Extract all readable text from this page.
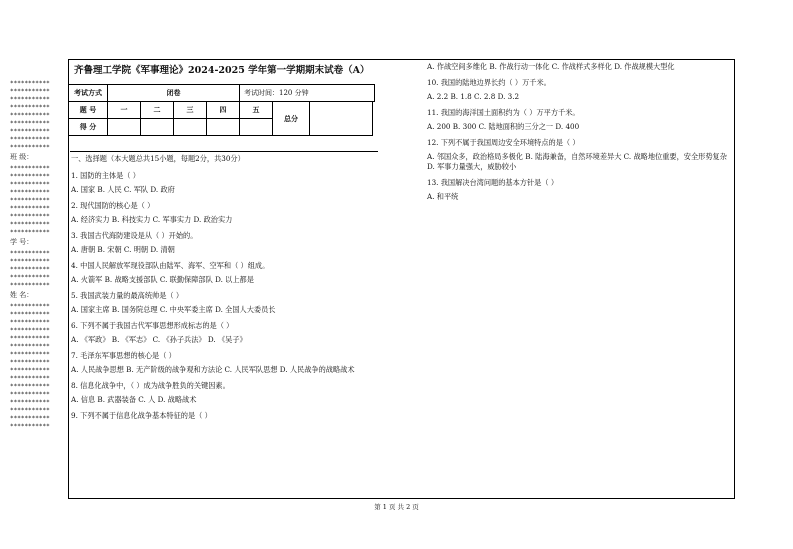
***********
***********
***********
***********
***********
***********
***********
***********
***********
班 级：
***********
***********
***********
***********
***********
***********
***********
***********
***********
学 号：
***********
***********
***********
***********
***********

姓 名：
***********
***********
***********
***********
***********
***********
***********
***********
***********
***********
***********
***********
***********
***********
***********
***********

齐鲁理工学院《军事理论》2024-2025 学年第一学期期末试卷（A）
考试方式	闭卷				考试时间：120 分钟			
题 号	一	二	三	四	五	总分		
得 分								

一、选择题（本大题总共15小题，每题2分，共30分）

1. 国防的主体是（ ）

A. 国家 B. 人民 C. 军队 D. 政府

2. 现代国防的核心是（ ）

A. 经济实力 B. 科技实力 C. 军事实力 D. 政治实力

3. 我国古代海防建设是从（ ）开始的。

A. 唐朝 B. 宋朝 C. 明朝 D. 清朝

4. 中国人民解放军现役部队由陆军、海军、空军和（ ）组成。

A. 火箭军 B. 战略支援部队 C. 联勤保障部队 D. 以上都是

5. 我国武装力量的最高统帅是（ ）

A. 国家主席 B. 国务院总理 C. 中央军委主席 D. 全国人大委员长

6. 下列不属于我国古代军事思想形成标志的是（ ）

A. 《军政》 B. 《军志》 C. 《孙子兵法》 D. 《吴子》

7. 毛泽东军事思想的核心是（ ）

A. 人民战争思想 B. 无产阶级的战争观和方法论 C. 人民军队思想 D. 人民战争的战略战术

8. 信息化战争中，（ ）成为战争胜负的关键因素。

A. 信息 B. 武器装备 C. 人 D. 战略战术

9. 下列不属于信息化战争基本特征的是（ ）

A. 作战空间多维化 B. 作战行动一体化 C. 作战样式多样化 D. 作战规模大型化

10. 我国的陆地边界长约（ ）万千米。

A. 2.2 B. 1.8 C. 2.8 D. 3.2

11. 我国的海洋国土面积约为（ ）万平方千米。

A. 200 B. 300 C. 陆地面积的三分之一 D. 400

12. 下列不属于我国周边安全环境特点的是（ ）

A. 邻国众多，政治格局多极化 B. 陆海兼备，自然环境差异大 C. 战略地位重要，安全形势复杂 D. 军事力量强大，威胁较小

13. 我国解决台湾问题的基本方针是（ ）

A. 和平统

第 1 页 共 2 页
